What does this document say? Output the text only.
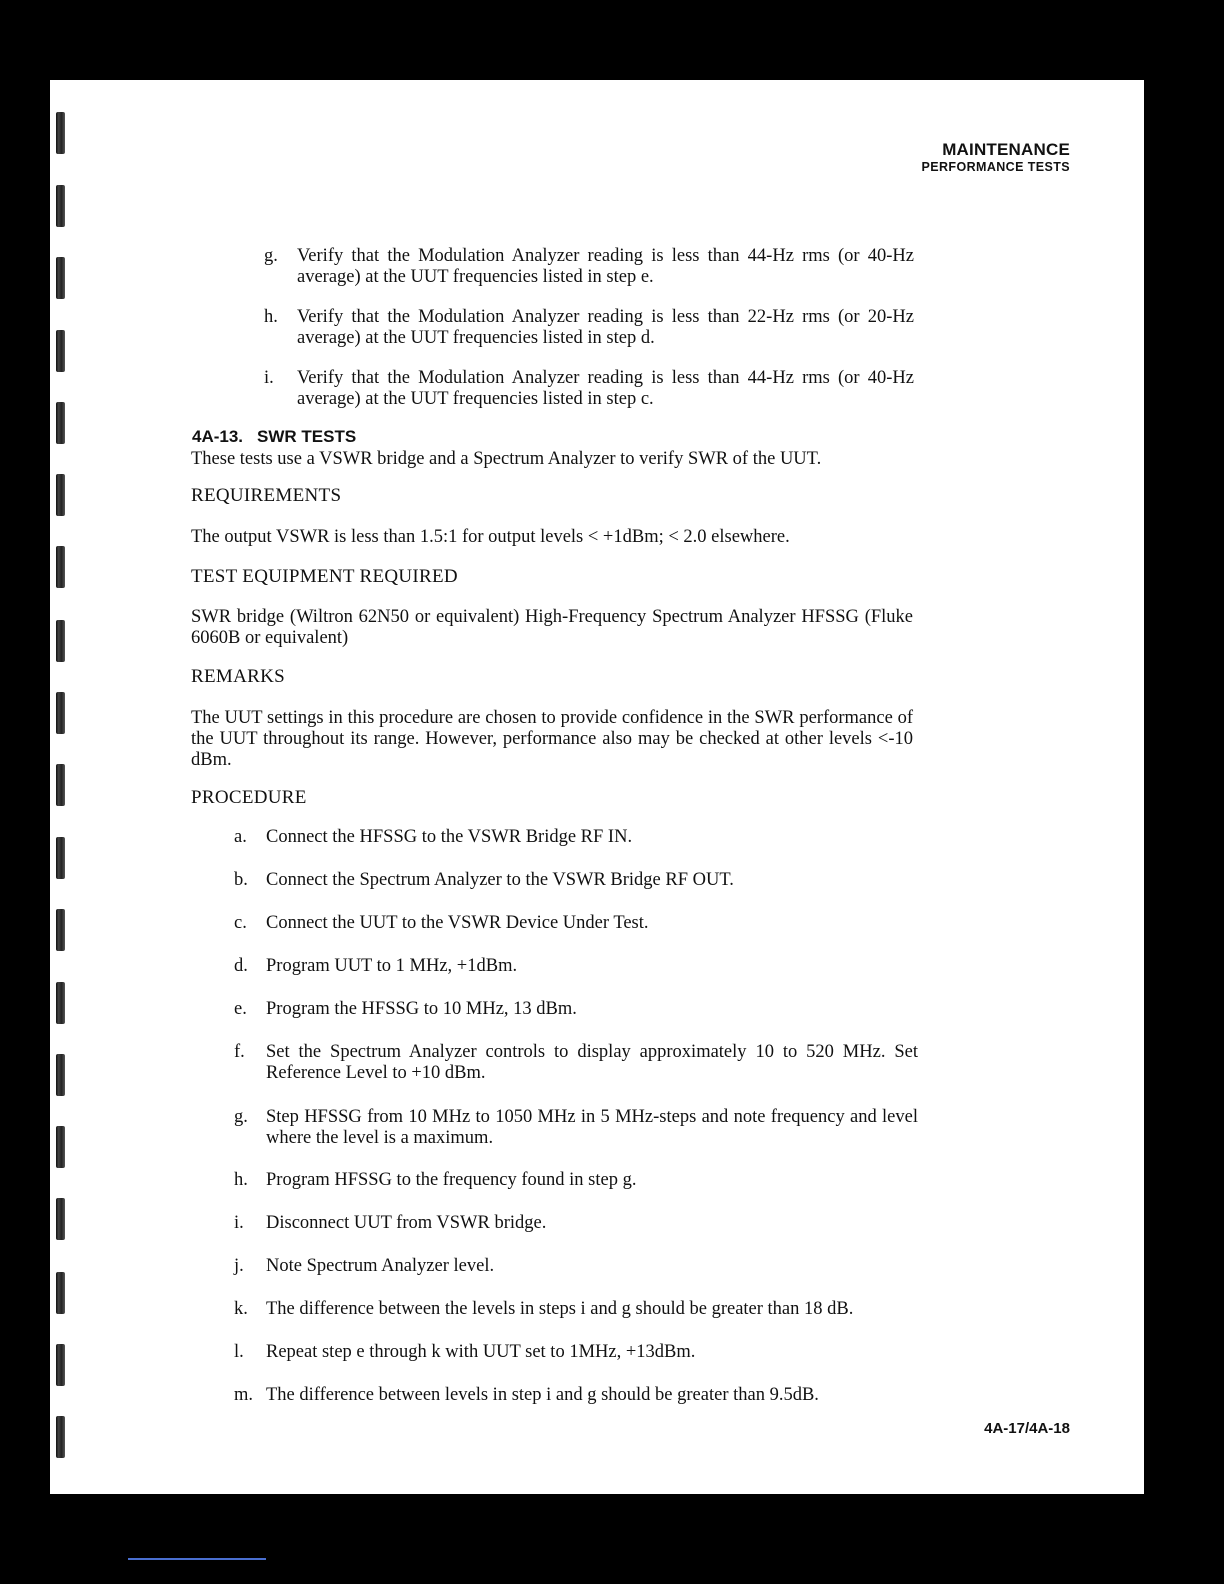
MAINTENANCE
PERFORMANCE TESTS
g.	Verify that the Modulation Analyzer reading is less than 44-Hz rms (or 40-Hz average) at the UUT frequencies listed in step e.
h.	Verify that the Modulation Analyzer reading is less than 22-Hz rms (or 20-Hz average) at the UUT frequencies listed in step d.
i.	Verify that the Modulation Analyzer reading is less than 44-Hz rms (or 40-Hz average) at the UUT frequencies listed in step c.
4A-13. SWR TESTS
These tests use a VSWR bridge and a Spectrum Analyzer to verify SWR of the UUT.
REQUIREMENTS
The output VSWR is less than 1.5:1 for output levels < +1dBm; < 2.0 elsewhere.
TEST EQUIPMENT REQUIRED
SWR bridge (Wiltron 62N50 or equivalent) High-Frequency Spectrum Analyzer HFSSG (Fluke 6060B or equivalent)
REMARKS
The UUT settings in this procedure are chosen to provide confidence in the SWR performance of the UUT throughout its range. However, performance also may be checked at other levels <-10 dBm.
PROCEDURE
a.	Connect the HFSSG to the VSWR Bridge RF IN.
b. Connect the Spectrum Analyzer to the VSWR Bridge RF OUT.
c.	Connect the UUT to the VSWR Device Under Test.
d. Program UUT to 1 MHz, +1dBm.
e.	Program the HFSSG to 10 MHz, 13 dBm.
f.	Set the Spectrum Analyzer controls to display approximately 10 to 520 MHz. Set Reference Level to +10 dBm.
g. Step HFSSG from 10 MHz to 1050 MHz in 5 MHz-steps and note frequency and level where the level is a maximum.
h. Program HFSSG to the frequency found in step g.
i.	Disconnect UUT from VSWR bridge.
j.	Note Spectrum Analyzer level.
k. The difference between the levels in steps i and g should be greater than 18 dB.
l.	Repeat step e through k with UUT set to 1MHz, +13dBm.
m. The difference between levels in step i and g should be greater than 9.5dB.
4A-17/4A-18
